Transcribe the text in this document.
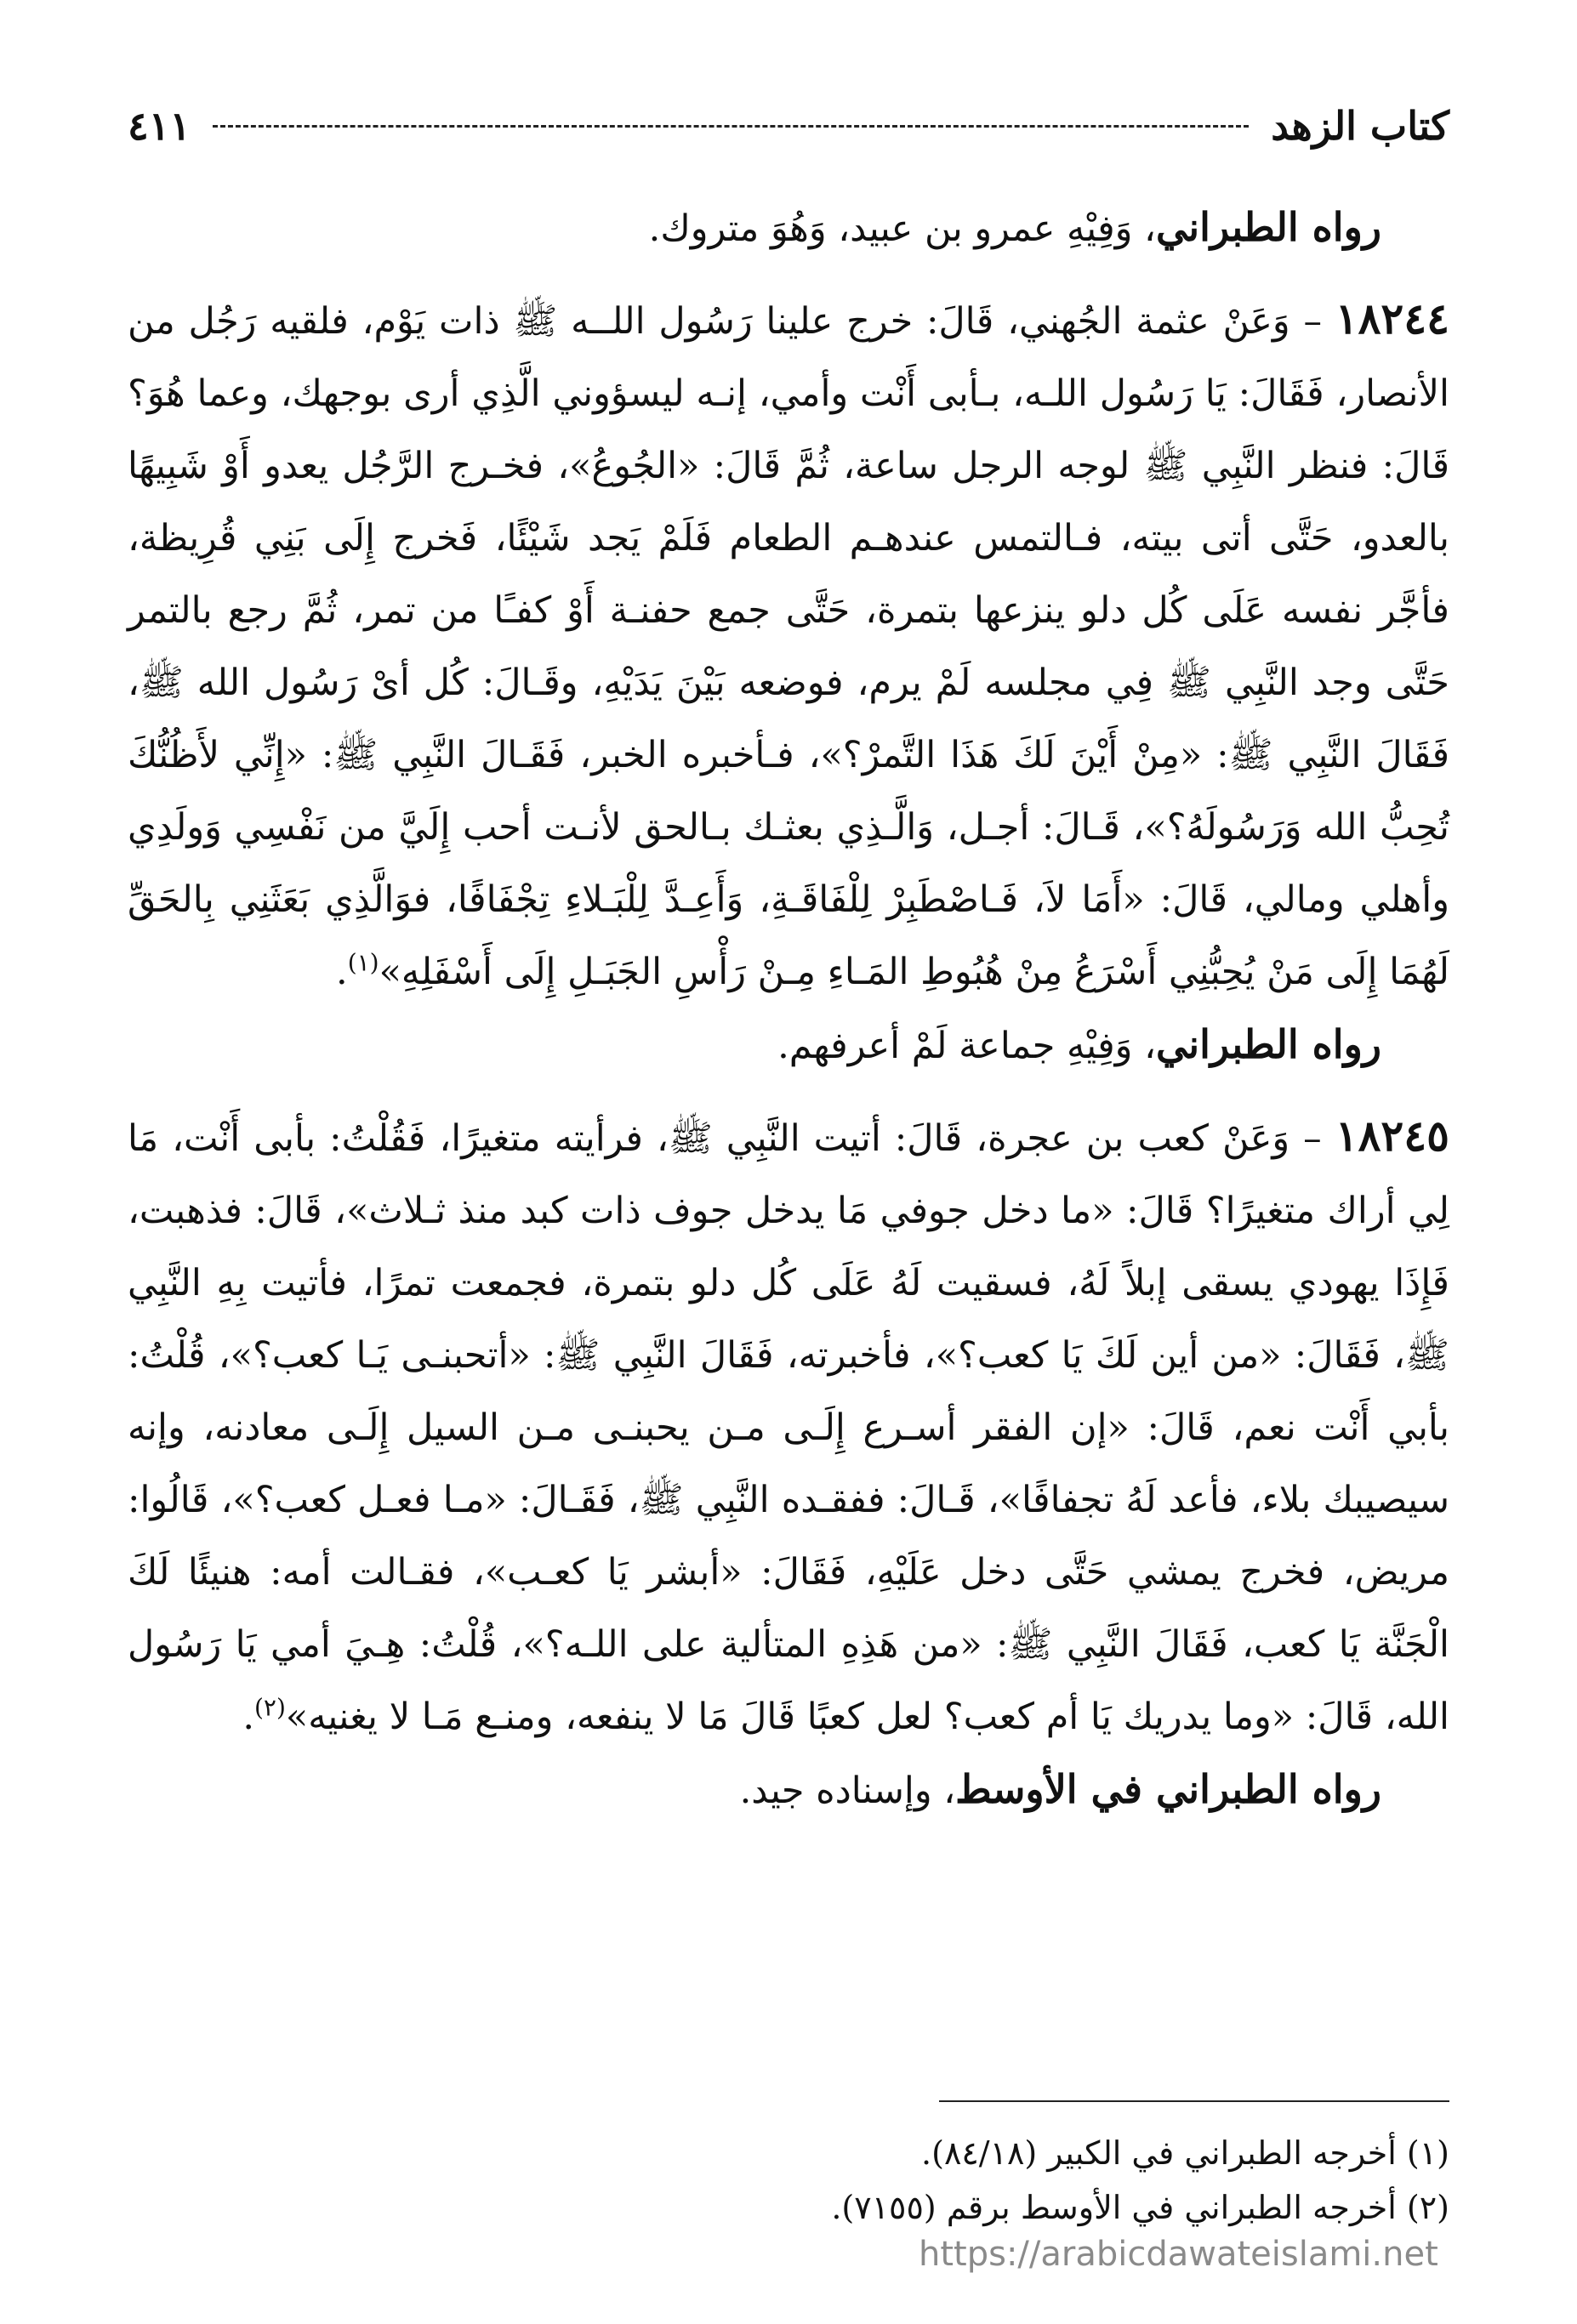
كتاب الزهد
٤١١

رواه الطبراني، وَفِيْهِ عمرو بن عبيد، وَهُوَ متروك.

١٨٢٤٤ – وَعَنْ عثمة الجُهني، قَالَ: خرج علينا رَسُول اللــه ﷺ ذات يَوْم، فلقيه رَجُل من الأنصار، فَقَالَ: يَا رَسُول اللـه، بـأبى أَنْت وأمي، إنـه ليسؤوني الَّذِي أرى بوجهك، وعما هُوَ؟ قَالَ: فنظر النَّبِي ﷺ لوجه الرجل ساعة، ثُمَّ قَالَ: «الجُوعُ»، فخـرج الرَّجُل يعدو أَوْ شَبِيهًا بالعدو، حَتَّى أتى بيته، فـالتمس عندهـم الطعام فَلَمْ يَجد شَيْئًا، فَخرج إِلَى بَنِي قُرِيظة، فأجَّر نفسه عَلَى كُل دلو ينزعها بتمرة، حَتَّى جمع حفنـة أَوْ كفـًا من تمر، ثُمَّ رجع بالتمر حَتَّى وجد النَّبِي ﷺ فِي مجلسه لَمْ يرم، فوضعه بَيْنَ يَدَيْهِ، وقَـالَ: كُل أىْ رَسُول الله ﷺ، فَقَالَ النَّبِي ﷺ: «مِنْ أَيْنَ لَكَ هَذَا التَّمرْ؟»، فـأخبره الخبر، فَقَـالَ النَّبِي ﷺ: «إِنِّي لأَظُنُّكَ تُحِبُّ الله وَرَسُولَهُ؟»، قَـالَ: أجـل، وَالَّـذِي بعثـك بـالحق لأنـت أحب إِلَيَّ من نَفْسِي وَولَدِي وأهلي ومالي، قَالَ: «أَمَا لاَ، فَـاصْطَبِرْ لِلْفَاقَـةِ، وَأَعِـدَّ لِلْبَـلاءِ تِجْفَافًا، فوَالَّذِي بَعَثَنِي بِالحَقِّ لَهُمَا إِلَى مَنْ يُحِبُّنِي أَسْرَعُ مِنْ هُبُوطِ المَـاءِ مِـنْ رَأْسِ الجَبَـلِ إِلَى أَسْفَلِهِ»$^{(١)}$.

رواه الطبراني، وَفِيْهِ جماعة لَمْ أعرفهم.

١٨٢٤٥ – وَعَنْ كعب بن عجرة، قَالَ: أتيت النَّبِي ﷺ، فرأيته متغيرًا، فَقُلْتُ: بأبى أَنْت، مَا لِي أراك متغيرًا؟ قَالَ: «ما دخل جوفي مَا يدخل جوف ذات كبد منذ ثـلاث»، قَالَ: فذهبت، فَإِذَا يهودي يسقى إبلاً لَهُ، فسقيت لَهُ عَلَى كُل دلو بتمرة، فجمعت تمرًا، فأتيت بِهِ النَّبِي ﷺ، فَقَالَ: «من أين لَكَ يَا كعب؟»، فأخبرته، فَقَالَ النَّبِي ﷺ: «أتحبنـى يَـا كعب؟»، قُلْتُ: بأبي أَنْت نعم، قَالَ: «إن الفقر أسـرع إِلَـى مـن يحبنـى مـن السيل إِلَـى معادنه، وإنه سيصيبك بلاء، فأعد لَهُ تجفافًا»، قَـالَ: ففقـده النَّبِي ﷺ، فَقَـالَ: «مـا فعـل كعب؟»، قَالُوا: مريض، فخرج يمشي حَتَّى دخل عَلَيْهِ، فَقَالَ: «أبشر يَا كعـب»، فقـالت أمه: هنيئًا لَكَ الْجَنَّة يَا كعب، فَقَالَ النَّبِي ﷺ: «من هَذِهِ المتألية على اللـه؟»، قُلْتُ: هِـيَ أمي يَا رَسُول الله، قَالَ: «وما يدريك يَا أم كعب؟ لعل كعبًا قَالَ مَا لا ينفعه، ومنـع مَـا لا يغنيه»$^{(٢)}$.

رواه الطبراني في الأوسط، وإسناده جيد.

(١) أخرجه الطبراني في الكبير (٨٤/١٨).

(٢) أخرجه الطبراني في الأوسط برقم (٧١٥٥).

https://arabicdawateislami.net
